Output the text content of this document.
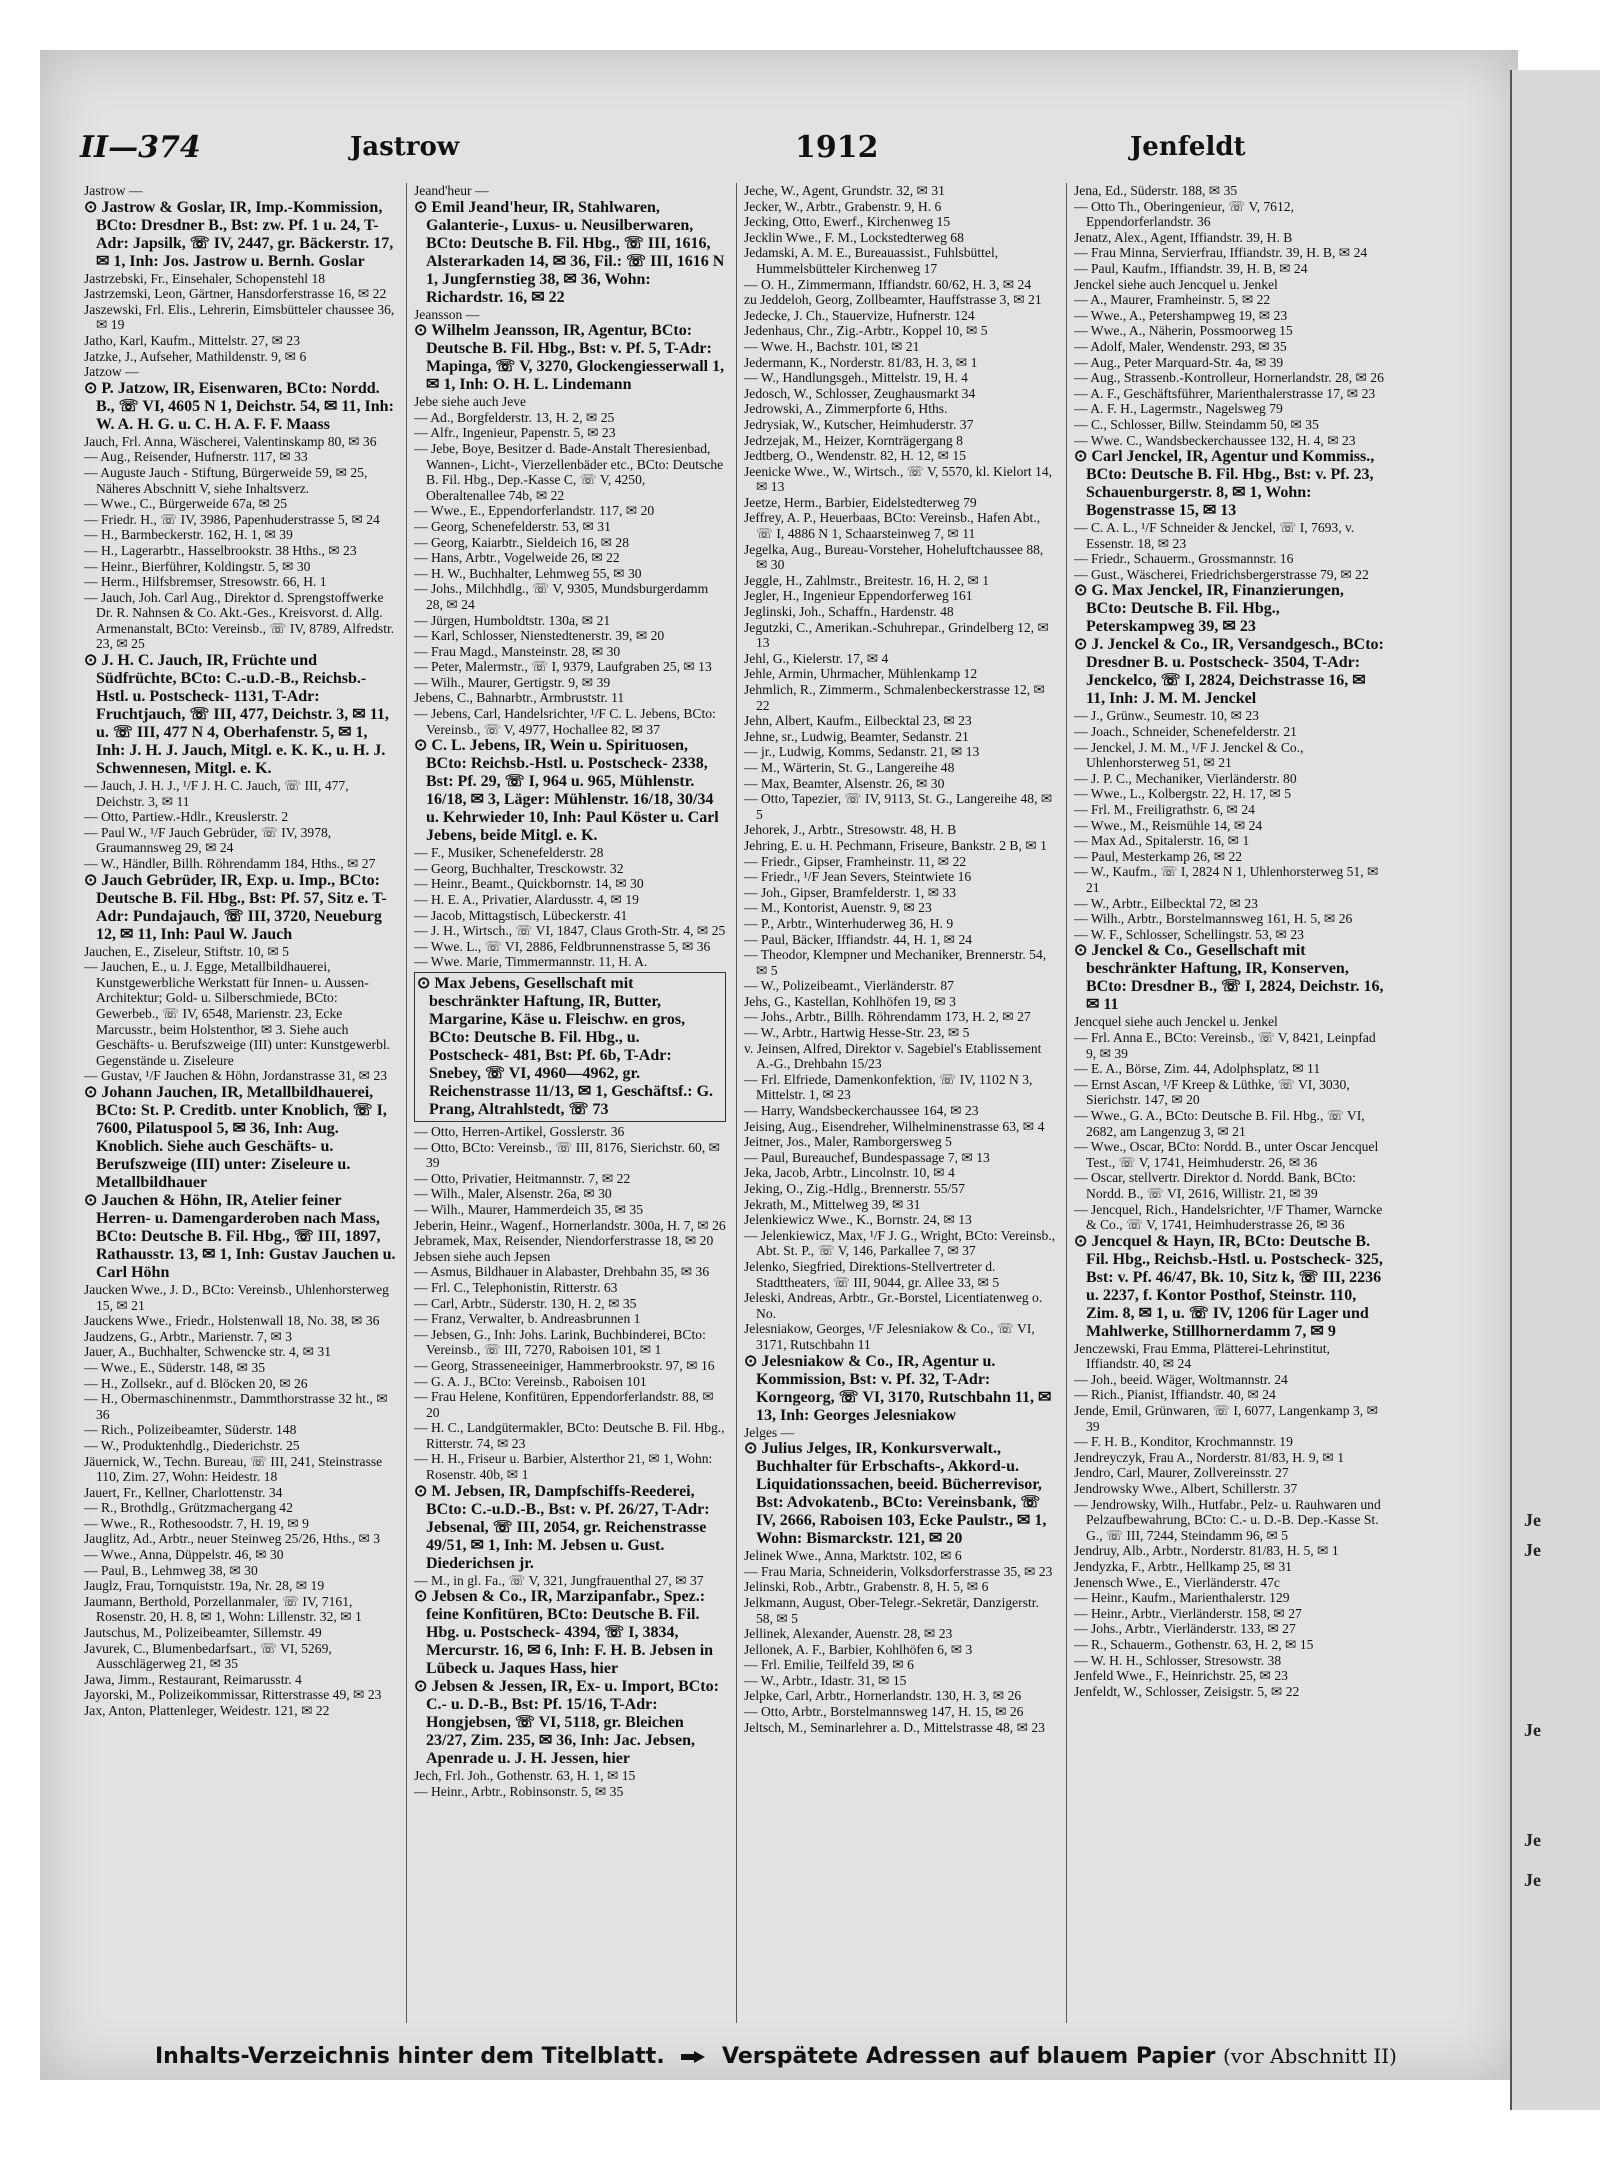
Je
Je
Je
Je
Je
II—374	Jastrow	1912	Jenfeldt

Jastrow —

⊙ Jastrow & Goslar, IR, Imp.-Kommission, BCto: Dresdner B., Bst: zw. Pf. 1 u. 24, T-Adr: Japsilk, ☏ IV, 2447, gr. Bäckerstr. 17, ✉ 1, Inh: Jos. Jastrow u. Bernh. Goslar

Jastrzebski, Fr., Einsehaler, Schopenstehl 18

Jastrzemski, Leon, Gärtner, Hansdorferstrasse 16, ✉ 22

Jaszewski, Frl. Elis., Lehrerin, Eimsbütteler chaussee 36, ✉ 19

Jatho, Karl, Kaufm., Mittelstr. 27, ✉ 23

Jatzke, J., Aufseher, Mathildenstr. 9, ✉ 6

Jatzow —

⊙ P. Jatzow, IR, Eisenwaren, BCto: Nordd. B., ☏ VI, 4605 N 1, Deichstr. 54, ✉ 11, Inh: W. A. H. G. u. C. H. A. F. F. Maass

Jauch, Frl. Anna, Wäscherei, Valentinskamp 80, ✉ 36

— Aug., Reisender, Hufnerstr. 117, ✉ 33

— Auguste Jauch - Stiftung, Bürgerweide 59, ✉ 25, Näheres Abschnitt V, siehe Inhaltsverz.

— Wwe., C., Bürgerweide 67a, ✉ 25

— Friedr. H., ☏ IV, 3986, Papenhuderstrasse 5, ✉ 24

— H., Barmbeckerstr. 162, H. 1, ✉ 39

— H., Lagerarbtr., Hasselbrookstr. 38 Hths., ✉ 23

— Heinr., Bierführer, Koldingstr. 5, ✉ 30

— Herm., Hilfsbremser, Stresowstr. 66, H. 1

— Jauch, Joh. Carl Aug., Direktor d. Sprengstoffwerke Dr. R. Nahnsen & Co. Akt.-Ges., Kreisvorst. d. Allg. Armenanstalt, BCto: Vereinsb., ☏ IV, 8789, Alfredstr. 23, ✉ 25

⊙ J. H. C. Jauch, IR, Früchte und Südfrüchte, BCto: C.-u.D.-B., Reichsb.-Hstl. u. Postscheck- 1131, T-Adr: Fruchtjauch, ☏ III, 477, Deichstr. 3, ✉ 11, u. ☏ III, 477 N 4, Oberhafenstr. 5, ✉ 1, Inh: J. H. J. Jauch, Mitgl. e. K. K., u. H. J. Schwennesen, Mitgl. e. K.

— Jauch, J. H. J., ¹/F J. H. C. Jauch, ☏ III, 477, Deichstr. 3, ✉ 11

— Otto, Partiew.-Hdlr., Kreuslerstr. 2

— Paul W., ¹/F Jauch Gebrüder, ☏ IV, 3978, Graumannsweg 29, ✉ 24

— W., Händler, Billh. Röhrendamm 184, Hths., ✉ 27

⊙ Jauch Gebrüder, IR, Exp. u. Imp., BCto: Deutsche B. Fil. Hbg., Bst: Pf. 57, Sitz e. T-Adr: Pundajauch, ☏ III, 3720, Neueburg 12, ✉ 11, Inh: Paul W. Jauch

Jauchen, E., Ziseleur, Stiftstr. 10, ✉ 5

— Jauchen, E., u. J. Egge, Metallbildhauerei, Kunstgewerbliche Werkstatt für Innen- u. Aussen-Architektur; Gold- u. Silberschmiede, BCto: Gewerbeb., ☏ IV, 6548, Marienstr. 23, Ecke Marcusstr., beim Holstenthor, ✉ 3. Siehe auch Geschäfts- u. Berufszweige (III) unter: Kunstgewerbl. Gegenstände u. Ziseleure

— Gustav, ¹/F Jauchen & Höhn, Jordanstrasse 31, ✉ 23

⊙ Johann Jauchen, IR, Metallbildhauerei, BCto: St. P. Creditb. unter Knoblich, ☏ I, 7600, Pilatuspool 5, ✉ 36, Inh: Aug. Knoblich. Siehe auch Geschäfts- u. Berufszweige (III) unter: Ziseleure u. Metallbildhauer

⊙ Jauchen & Höhn, IR, Atelier feiner Herren- u. Damengarderoben nach Mass, BCto: Deutsche B. Fil. Hbg., ☏ III, 1897, Rathausstr. 13, ✉ 1, Inh: Gustav Jauchen u. Carl Höhn

Jaucken Wwe., J. D., BCto: Vereinsb., Uhlenhorsterweg 15, ✉ 21

Jauckens Wwe., Friedr., Holstenwall 18, No. 38, ✉ 36

Jaudzens, G., Arbtr., Marienstr. 7, ✉ 3

Jauer, A., Buchhalter, Schwencke str. 4, ✉ 31

— Wwe., E., Süderstr. 148, ✉ 35

— H., Zollsekr., auf d. Blöcken 20, ✉ 26

— H., Obermaschinenmstr., Dammthorstrasse 32 ht., ✉ 36

— Rich., Polizeibeamter, Süderstr. 148

— W., Produktenhdlg., Diederichstr. 25

Jäuernick, W., Techn. Bureau, ☏ III, 241, Steinstrasse 110, Zim. 27, Wohn: Heidestr. 18

Jauert, Fr., Kellner, Charlottenstr. 34

— R., Brothdlg., Grützmachergang 42

— Wwe., R., Rothesoodstr. 7, H. 19, ✉ 9

Jauglitz, Ad., Arbtr., neuer Steinweg 25/26, Hths., ✉ 3

— Wwe., Anna, Düppelstr. 46, ✉ 30

— Paul, B., Lehmweg 38, ✉ 30

Jauglz, Frau, Tornquiststr. 19a, Nr. 28, ✉ 19

Jaumann, Berthold, Porzellanmaler, ☏ IV, 7161, Rosenstr. 20, H. 8, ✉ 1, Wohn: Lillenstr. 32, ✉ 1

Jautschus, M., Polizeibeamter, Sillemstr. 49

Javurek, C., Blumenbedarfsart., ☏ VI, 5269, Ausschlägerweg 21, ✉ 35

Jawa, Jimm., Restaurant, Reimarusstr. 4

Jayorski, M., Polizeikommissar, Ritterstrasse 49, ✉ 23

Jax, Anton, Plattenleger, Weidestr. 121, ✉ 22

Jeand'heur —

⊙ Emil Jeand'heur, IR, Stahlwaren, Galanterie-, Luxus- u. Neusilberwaren, BCto: Deutsche B. Fil. Hbg., ☏ III, 1616, Alsterarkaden 14, ✉ 36, Fil.: ☏ III, 1616 N 1, Jungfernstieg 38, ✉ 36, Wohn: Richardstr. 16, ✉ 22

Jeansson —

⊙ Wilhelm Jeansson, IR, Agentur, BCto: Deutsche B. Fil. Hbg., Bst: v. Pf. 5, T-Adr: Mapinga, ☏ V, 3270, Glockengiesserwall 1, ✉ 1, Inh: O. H. L. Lindemann

Jebe siehe auch Jeve

— Ad., Borgfelderstr. 13, H. 2, ✉ 25

— Alfr., Ingenieur, Papenstr. 5, ✉ 23

— Jebe, Boye, Besitzer d. Bade-Anstalt Theresienbad, Wannen-, Licht-, Vierzellenbäder etc., BCto: Deutsche B. Fil. Hbg., Dep.-Kasse C, ☏ V, 4250, Oberaltenallee 74b, ✉ 22

— Wwe., E., Eppendorferlandstr. 117, ✉ 20

— Georg, Schenefelderstr. 53, ✉ 31

— Georg, Kaiarbtr., Sieldeich 16, ✉ 28

— Hans, Arbtr., Vogelweide 26, ✉ 22

— H. W., Buchhalter, Lehmweg 55, ✉ 30

— Johs., Milchhdlg., ☏ V, 9305, Mundsburgerdamm 28, ✉ 24

— Jürgen, Humboldtstr. 130a, ✉ 21

— Karl, Schlosser, Nienstedtenerstr. 39, ✉ 20

— Frau Magd., Mansteinstr. 28, ✉ 30

— Peter, Malermstr., ☏ I, 9379, Laufgraben 25, ✉ 13

— Wilh., Maurer, Gertigstr. 9, ✉ 39

Jebens, C., Bahnarbtr., Armbruststr. 11

— Jebens, Carl, Handelsrichter, ¹/F C. L. Jebens, BCto: Vereinsb., ☏ V, 4977, Hochallee 82, ✉ 37

⊙ C. L. Jebens, IR, Wein u. Spirituosen, BCto: Reichsb.-Hstl. u. Postscheck- 2338, Bst: Pf. 29, ☏ I, 964 u. 965, Mühlenstr. 16/18, ✉ 3, Läger: Mühlenstr. 16/18, 30/34 u. Kehrwieder 10, Inh: Paul Köster u. Carl Jebens, beide Mitgl. e. K.

— F., Musiker, Schenefelderstr. 28

— Georg, Buchhalter, Tresckowstr. 32

— Heinr., Beamt., Quickbornstr. 14, ✉ 30

— H. E. A., Privatier, Alardusstr. 4, ✉ 19

— Jacob, Mittagstisch, Lübeckerstr. 41

— J. H., Wirtsch., ☏ VI, 1847, Claus Groth-Str. 4, ✉ 25

— Wwe. L., ☏ VI, 2886, Feldbrunnenstrasse 5, ✉ 36

— Wwe. Marie, Timmermannstr. 11, H. A.

⊙ Max Jebens, Gesellschaft mit beschränkter Haftung, IR, Butter, Margarine, Käse u. Fleischw. en gros, BCto: Deutsche B. Fil. Hbg., u. Postscheck- 481, Bst: Pf. 6b, T-Adr: Snebey, ☏ VI, 4960—4962, gr. Reichenstrasse 11/13, ✉ 1, Geschäftsf.: G. Prang, Altrahlstedt, ☏ 73

— Otto, Herren-Artikel, Gosslerstr. 36

— Otto, BCto: Vereinsb., ☏ III, 8176, Sierichstr. 60, ✉ 39

— Otto, Privatier, Heitmannstr. 7, ✉ 22

— Wilh., Maler, Alsenstr. 26a, ✉ 30

— Wilh., Maurer, Hammerdeich 35, ✉ 35

Jeberin, Heinr., Wagenf., Hornerlandstr. 300a, H. 7, ✉ 26

Jebramek, Max, Reisender, Niendorferstrasse 18, ✉ 20

Jebsen siehe auch Jepsen

— Asmus, Bildhauer in Alabaster, Drehbahn 35, ✉ 36

— Frl. C., Telephonistin, Ritterstr. 63

— Carl, Arbtr., Süderstr. 130, H. 2, ✉ 35

— Franz, Verwalter, b. Andreasbrunnen 1

— Jebsen, G., Inh: Johs. Larink, Buchbinderei, BCto: Vereinsb., ☏ III, 7270, Raboisen 101, ✉ 1

— Georg, Strasseneeiniger, Hammerbrookstr. 97, ✉ 16

— G. A. J., BCto: Vereinsb., Raboisen 101

— Frau Helene, Konfitüren, Eppendorferlandstr. 88, ✉ 20

— H. C., Landgütermakler, BCto: Deutsche B. Fil. Hbg., Ritterstr. 74, ✉ 23

— H. H., Friseur u. Barbier, Alsterthor 21, ✉ 1, Wohn: Rosenstr. 40b, ✉ 1

⊙ M. Jebsen, IR, Dampfschiffs-Reederei, BCto: C.-u.D.-B., Bst: v. Pf. 26/27, T-Adr: Jebsenal, ☏ III, 2054, gr. Reichenstrasse 49/51, ✉ 1, Inh: M. Jebsen u. Gust. Diederichsen jr.

— M., in gl. Fa., ☏ V, 321, Jungfrauenthal 27, ✉ 37

⊙ Jebsen & Co., IR, Marzipanfabr., Spez.: feine Konfitüren, BCto: Deutsche B. Fil. Hbg. u. Postscheck- 4394, ☏ I, 3834, Mercurstr. 16, ✉ 6, Inh: F. H. B. Jebsen in Lübeck u. Jaques Hass, hier

⊙ Jebsen & Jessen, IR, Ex- u. Import, BCto: C.- u. D.-B., Bst: Pf. 15/16, T-Adr: Hongjebsen, ☏ VI, 5118, gr. Bleichen 23/27, Zim. 235, ✉ 36, Inh: Jac. Jebsen, Apenrade u. J. H. Jessen, hier

Jech, Frl. Joh., Gothenstr. 63, H. 1, ✉ 15

— Heinr., Arbtr., Robinsonstr. 5, ✉ 35

Jeche, W., Agent, Grundstr. 32, ✉ 31

Jecker, W., Arbtr., Grabenstr. 9, H. 6

Jecking, Otto, Ewerf., Kirchenweg 15

Jecklin Wwe., F. M., Lockstedterweg 68

Jedamski, A. M. E., Bureauassist., Fuhlsbüttel, Hummelsbütteler Kirchenweg 17

— O. H., Zimmermann, Iffiandstr. 60/62, H. 3, ✉ 24

zu Jeddeloh, Georg, Zollbeamter, Hauffstrasse 3, ✉ 21

Jedecke, J. Ch., Stauervize, Hufnerstr. 124

Jedenhaus, Chr., Zig.-Arbtr., Koppel 10, ✉ 5

— Wwe. H., Bachstr. 101, ✉ 21

Jedermann, K., Norderstr. 81/83, H. 3, ✉ 1

— W., Handlungsgeh., Mittelstr. 19, H. 4

Jedosch, W., Schlosser, Zeughausmarkt 34

Jedrowski, A., Zimmerpforte 6, Hths.

Jedrysiak, W., Kutscher, Heimhuderstr. 37

Jedrzejak, M., Heizer, Kornträgergang 8

Jedtberg, O., Wendenstr. 82, H. 12, ✉ 15

Jeenicke Wwe., W., Wirtsch., ☏ V, 5570, kl. Kielort 14, ✉ 13

Jeetze, Herm., Barbier, Eidelstedterweg 79

Jeffrey, A. P., Heuerbaas, BCto: Vereinsb., Hafen Abt., ☏ I, 4886 N 1, Schaarsteinweg 7, ✉ 11

Jegelka, Aug., Bureau-Vorsteher, Hoheluftchaussee 88, ✉ 30

Jeggle, H., Zahlmstr., Breitestr. 16, H. 2, ✉ 1

Jegler, H., Ingenieur Eppendorferweg 161

Jeglinski, Joh., Schaffn., Hardenstr. 48

Jegutzki, C., Amerikan.-Schuhrepar., Grindelberg 12, ✉ 13

Jehl, G., Kielerstr. 17, ✉ 4

Jehle, Armin, Uhrmacher, Mühlenkamp 12

Jehmlich, R., Zimmerm., Schmalenbeckerstrasse 12, ✉ 22

Jehn, Albert, Kaufm., Eilbecktal 23, ✉ 23

Jehne, sr., Ludwig, Beamter, Sedanstr. 21

— jr., Ludwig, Komms, Sedanstr. 21, ✉ 13

— M., Wärterin, St. G., Langereihe 48

— Max, Beamter, Alsenstr. 26, ✉ 30

— Otto, Tapezier, ☏ IV, 9113, St. G., Langereihe 48, ✉ 5

Jehorek, J., Arbtr., Stresowstr. 48, H. B

Jehring, E. u. H. Pechmann, Friseure, Bankstr. 2 B, ✉ 1

— Friedr., Gipser, Framheinstr. 11, ✉ 22

— Friedr., ¹/F Jean Severs, Steintwiete 16

— Joh., Gipser, Bramfelderstr. 1, ✉ 33

— M., Kontorist, Auenstr. 9, ✉ 23

— P., Arbtr., Winterhuderweg 36, H. 9

— Paul, Bäcker, Iffiandstr. 44, H. 1, ✉ 24

— Theodor, Klempner und Mechaniker, Brennerstr. 54, ✉ 5

— W., Polizeibeamt., Vierländerstr. 87

Jehs, G., Kastellan, Kohlhöfen 19, ✉ 3

— Johs., Arbtr., Billh. Röhrendamm 173, H. 2, ✉ 27

— W., Arbtr., Hartwig Hesse-Str. 23, ✉ 5

v. Jeinsen, Alfred, Direktor v. Sagebiel's Etablissement A.-G., Drehbahn 15/23

— Frl. Elfriede, Damenkonfektion, ☏ IV, 1102 N 3, Mittelstr. 1, ✉ 23

— Harry, Wandsbeckerchaussee 164, ✉ 23

Jeising, Aug., Eisendreher, Wilhelminenstrasse 63, ✉ 4

Jeitner, Jos., Maler, Ramborgersweg 5

— Paul, Bureauchef, Bundespassage 7, ✉ 13

Jeka, Jacob, Arbtr., Lincolnstr. 10, ✉ 4

Jeking, O., Zig.-Hdlg., Brennerstr. 55/57

Jekrath, M., Mittelweg 39, ✉ 31

Jelenkiewicz Wwe., K., Bornstr. 24, ✉ 13

— Jelenkiewicz, Max, ¹/F J. G., Wright, BCto: Vereinsb., Abt. St. P., ☏ V, 146, Parkallee 7, ✉ 37

Jelenko, Siegfried, Direktions-Stellvertreter d. Stadttheaters, ☏ III, 9044, gr. Allee 33, ✉ 5

Jeleski, Andreas, Arbtr., Gr.-Borstel, Licentiatenweg o. No.

Jelesniakow, Georges, ¹/F Jelesniakow & Co., ☏ VI, 3171, Rutschbahn 11

⊙ Jelesniakow & Co., IR, Agentur u. Kommission, Bst: v. Pf. 32, T-Adr: Korngeorg, ☏ VI, 3170, Rutschbahn 11, ✉ 13, Inh: Georges Jelesniakow

Jelges —

⊙ Julius Jelges, IR, Konkursverwalt., Buchhalter für Erbschafts-, Akkord-u. Liquidationssachen, beeid. Bücherrevisor, Bst: Advokatenb., BCto: Vereinsbank, ☏ IV, 2666, Raboisen 103, Ecke Paulstr., ✉ 1, Wohn: Bismarckstr. 121, ✉ 20

Jelinek Wwe., Anna, Marktstr. 102, ✉ 6

— Frau Maria, Schneiderin, Volksdorferstrasse 35, ✉ 23

Jelinski, Rob., Arbtr., Grabenstr. 8, H. 5, ✉ 6

Jelkmann, August, Ober-Telegr.-Sekretär, Danzigerstr. 58, ✉ 5

Jellinek, Alexander, Auenstr. 28, ✉ 23

Jellonek, A. F., Barbier, Kohlhöfen 6, ✉ 3

— Frl. Emilie, Teilfeld 39, ✉ 6

— W., Arbtr., Idastr. 31, ✉ 15

Jelpke, Carl, Arbtr., Hornerlandstr. 130, H. 3, ✉ 26

— Otto, Arbtr., Borstelmannsweg 147, H. 15, ✉ 26

Jeltsch, M., Seminarlehrer a. D., Mittelstrasse 48, ✉ 23

Jena, Ed., Süderstr. 188, ✉ 35

— Otto Th., Oberingenieur, ☏ V, 7612, Eppendorferlandstr. 36

Jenatz, Alex., Agent, Iffiandstr. 39, H. B

— Frau Minna, Servierfrau, Iffiandstr. 39, H. B, ✉ 24

— Paul, Kaufm., Iffiandstr. 39, H. B, ✉ 24

Jenckel siehe auch Jencquel u. Jenkel

— A., Maurer, Framheinstr. 5, ✉ 22

— Wwe., A., Petershampweg 19, ✉ 23

— Wwe., A., Näherin, Possmoorweg 15

— Adolf, Maler, Wendenstr. 293, ✉ 35

— Aug., Peter Marquard-Str. 4a, ✉ 39

— Aug., Strassenb.-Kontrolleur, Hornerlandstr. 28, ✉ 26

— A. F., Geschäftsführer, Marienthalerstrasse 17, ✉ 23

— A. F. H., Lagermstr., Nagelsweg 79

— C., Schlosser, Billw. Steindamm 50, ✉ 35

— Wwe. C., Wandsbeckerchaussee 132, H. 4, ✉ 23

⊙ Carl Jenckel, IR, Agentur und Kommiss., BCto: Deutsche B. Fil. Hbg., Bst: v. Pf. 23, Schauenburgerstr. 8, ✉ 1, Wohn: Bogenstrasse 15, ✉ 13

— C. A. L., ¹/F Schneider & Jenckel, ☏ I, 7693, v. Essenstr. 18, ✉ 23

— Friedr., Schauerm., Grossmannstr. 16

— Gust., Wäscherei, Friedrichsbergerstrasse 79, ✉ 22

⊙ G. Max Jenckel, IR, Finanzierungen, BCto: Deutsche B. Fil. Hbg., Peterskampweg 39, ✉ 23

⊙ J. Jenckel & Co., IR, Versandgesch., BCto: Dresdner B. u. Postscheck- 3504, T-Adr: Jenckelco, ☏ I, 2824, Deichstrasse 16, ✉ 11, Inh: J. M. M. Jenckel

— J., Grünw., Seumestr. 10, ✉ 23

— Joach., Schneider, Schenefelderstr. 21

— Jenckel, J. M. M., ¹/F J. Jenckel & Co., Uhlenhorsterweg 51, ✉ 21

— J. P. C., Mechaniker, Vierländerstr. 80

— Wwe., L., Kolbergstr. 22, H. 17, ✉ 5

— Frl. M., Freiligrathstr. 6, ✉ 24

— Wwe., M., Reismühle 14, ✉ 24

— Max Ad., Spitalerstr. 16, ✉ 1

— Paul, Mesterkamp 26, ✉ 22

— W., Kaufm., ☏ I, 2824 N 1, Uhlenhorsterweg 51, ✉ 21

— W., Arbtr., Eilbecktal 72, ✉ 23

— Wilh., Arbtr., Borstelmannsweg 161, H. 5, ✉ 26

— W. F., Schlosser, Schellingstr. 53, ✉ 23

⊙ Jenckel & Co., Gesellschaft mit beschränkter Haftung, IR, Konserven, BCto: Dresdner B., ☏ I, 2824, Deichstr. 16, ✉ 11

Jencquel siehe auch Jenckel u. Jenkel

— Frl. Anna E., BCto: Vereinsb., ☏ V, 8421, Leinpfad 9, ✉ 39

— E. A., Börse, Zim. 44, Adolphsplatz, ✉ 11

— Ernst Ascan, ¹/F Kreep & Lüthke, ☏ VI, 3030, Sierichstr. 147, ✉ 20

— Wwe., G. A., BCto: Deutsche B. Fil. Hbg., ☏ VI, 2682, am Langenzug 3, ✉ 21

— Wwe., Oscar, BCto: Nordd. B., unter Oscar Jencquel Test., ☏ V, 1741, Heimhuderstr. 26, ✉ 36

— Oscar, stellvertr. Direktor d. Nordd. Bank, BCto: Nordd. B., ☏ VI, 2616, Willistr. 21, ✉ 39

— Jencquel, Rich., Handelsrichter, ¹/F Thamer, Warncke & Co., ☏ V, 1741, Heimhuderstrasse 26, ✉ 36

⊙ Jencquel & Hayn, IR, BCto: Deutsche B. Fil. Hbg., Reichsb.-Hstl. u. Postscheck- 325, Bst: v. Pf. 46/47, Bk. 10, Sitz k, ☏ III, 2236 u. 2237, f. Kontor Posthof, Steinstr. 110, Zim. 8, ✉ 1, u. ☏ IV, 1206 für Lager und Mahlwerke, Stillhornerdamm 7, ✉ 9

Jenczewski, Frau Emma, Plätterei-Lehrinstitut, Iffiandstr. 40, ✉ 24

— Joh., beeid. Wäger, Woltmannstr. 24

— Rich., Pianist, Iffiandstr. 40, ✉ 24

Jende, Emil, Grünwaren, ☏ I, 6077, Langenkamp 3, ✉ 39

— F. H. B., Konditor, Krochmannstr. 19

Jendreyczyk, Frau A., Norderstr. 81/83, H. 9, ✉ 1

Jendro, Carl, Maurer, Zollvereinsstr. 27

Jendrowsky Wwe., Albert, Schillerstr. 37

— Jendrowsky, Wilh., Hutfabr., Pelz- u. Rauhwaren und Pelzaufbewahrung, BCto: C.- u. D.-B. Dep.-Kasse St. G., ☏ III, 7244, Steindamm 96, ✉ 5

Jendruy, Alb., Arbtr., Norderstr. 81/83, H. 5, ✉ 1

Jendyzka, F., Arbtr., Hellkamp 25, ✉ 31

Jenensch Wwe., E., Vierländerstr. 47c

— Heinr., Kaufm., Marienthalerstr. 129

— Heinr., Arbtr., Vierländerstr. 158, ✉ 27

— Johs., Arbtr., Vierländerstr. 133, ✉ 27

— R., Schauerm., Gothenstr. 63, H. 2, ✉ 15

— W. H. H., Schlosser, Stresowstr. 38

Jenfeld Wwe., F., Heinrichstr. 25, ✉ 23

Jenfeldt, W., Schlosser, Zeisigstr. 5, ✉ 22

Inhalts-Verzeichnis hinter dem Titelblatt.	Verspätete Adressen auf blauem Papier (vor Abschnitt II)
